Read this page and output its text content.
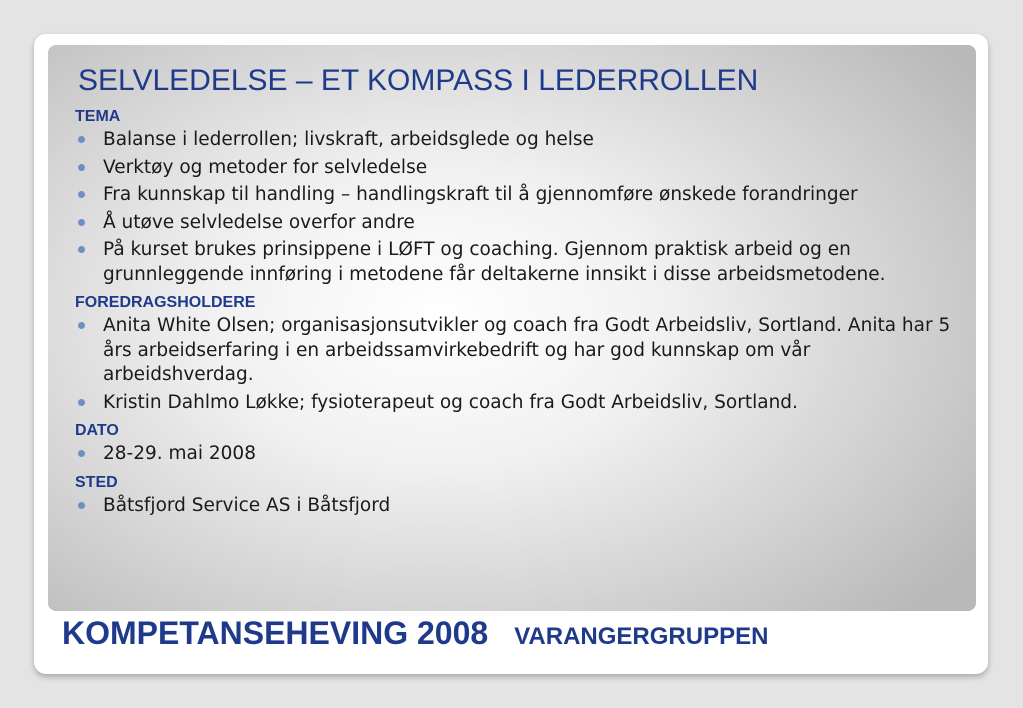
SELVLEDELSE – ET KOMPASS I LEDERROLLEN
TEMA
Balanse i lederrollen; livskraft, arbeidsglede og helse
Verktøy og metoder for selvledelse
Fra kunnskap til handling – handlingskraft til å gjennomføre ønskede forandringer
Å utøve selvledelse overfor andre
På kurset brukes prinsippene i LØFT og coaching. Gjennom praktisk arbeid og en grunnleggende innføring i metodene får deltakerne innsikt i disse arbeidsmetodene.
FOREDRAGSHOLDERE
Anita White Olsen; organisasjonsutvikler og coach fra Godt Arbeidsliv, Sortland. Anita har 5 års arbeidserfaring i en arbeidssamvirkebedrift og har god kunnskap om vår arbeidshverdag.
Kristin Dahlmo Løkke; fysioterapeut og coach fra Godt Arbeidsliv, Sortland.
DATO
28-29. mai 2008
STED
Båtsfjord Service AS i Båtsfjord
KOMPETANSEHEVING 2008 VARANGERGRUPPEN
